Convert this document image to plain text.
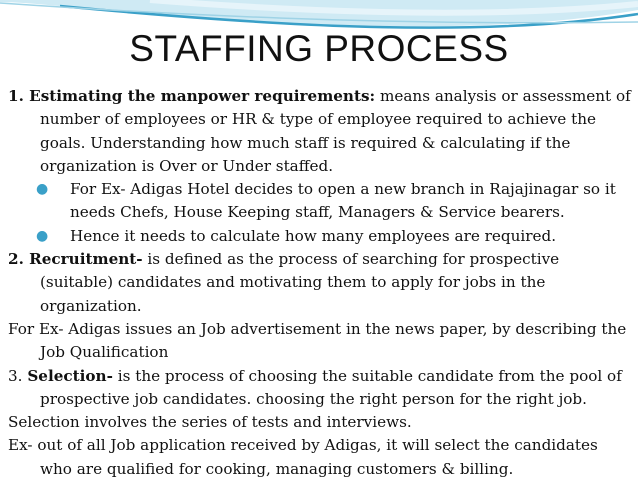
STAFFING PROCESS

1. Estimating the manpower requirements: means analysis or assessment of number of employees or HR & type of employee required to achieve the goals. Understanding how much staff is required & calculating if the organization is Over or Under staffed.

● For Ex- Adigas Hotel decides to open a new branch in Rajajinagar so it needs Chefs, House Keeping staff, Managers & Service bearers.

● Hence it needs to calculate how many employees are required.

2. Recruitment- is defined as the process of searching for prospective (suitable) candidates and motivating them to apply for jobs in the organization.

For Ex- Adigas issues an Job advertisement in the news paper, by describing the Job Qualification

3. Selection- is the process of choosing the suitable candidate from the pool of prospective job candidates. choosing the right person for the right job.

Selection involves the series of tests and interviews.

Ex- out of all Job application received by Adigas, it will select the candidates who are qualified for cooking, managing customers & billing.
